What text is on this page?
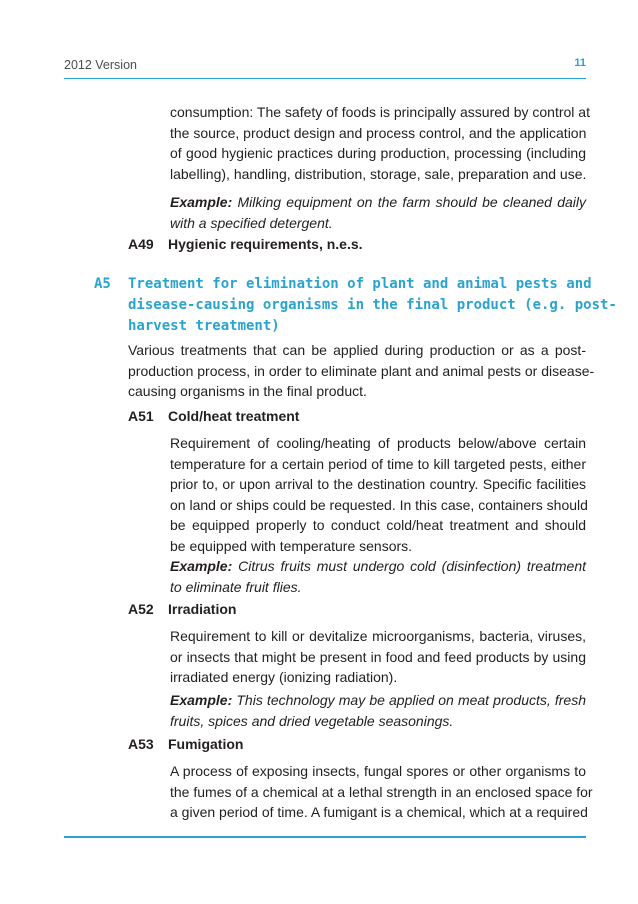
2012 Version	11
consumption: The safety of foods is principally assured by control at
the source, product design and process control, and the application
of good hygienic practices during production, processing (including
labelling), handling, distribution, storage, sale, preparation and use.
Example: Milking equipment on the farm should be cleaned daily
with a specified detergent.
A49 Hygienic requirements, n.e.s.
A5 Treatment for elimination of plant and animal pests and
disease-causing organisms in the final product (e.g. post-
harvest treatment)
Various treatments that can be applied during production or as a post-
production process, in order to eliminate plant and animal pests or disease-
causing organisms in the final product.
A51 Cold/heat treatment
Requirement of cooling/heating of products below/above certain
temperature for a certain period of time to kill targeted pests, either
prior to, or upon arrival to the destination country. Specific facilities
on land or ships could be requested. In this case, containers should
be equipped properly to conduct cold/heat treatment and should
be equipped with temperature sensors.
Example: Citrus fruits must undergo cold (disinfection) treatment
to eliminate fruit flies.
A52 Irradiation
Requirement to kill or devitalize microorganisms, bacteria, viruses,
or insects that might be present in food and feed products by using
irradiated energy (ionizing radiation).
Example: This technology may be applied on meat products, fresh
fruits, spices and dried vegetable seasonings.
A53 Fumigation
A process of exposing insects, fungal spores or other organisms to
the fumes of a chemical at a lethal strength in an enclosed space for
a given period of time. A fumigant is a chemical, which at a required
